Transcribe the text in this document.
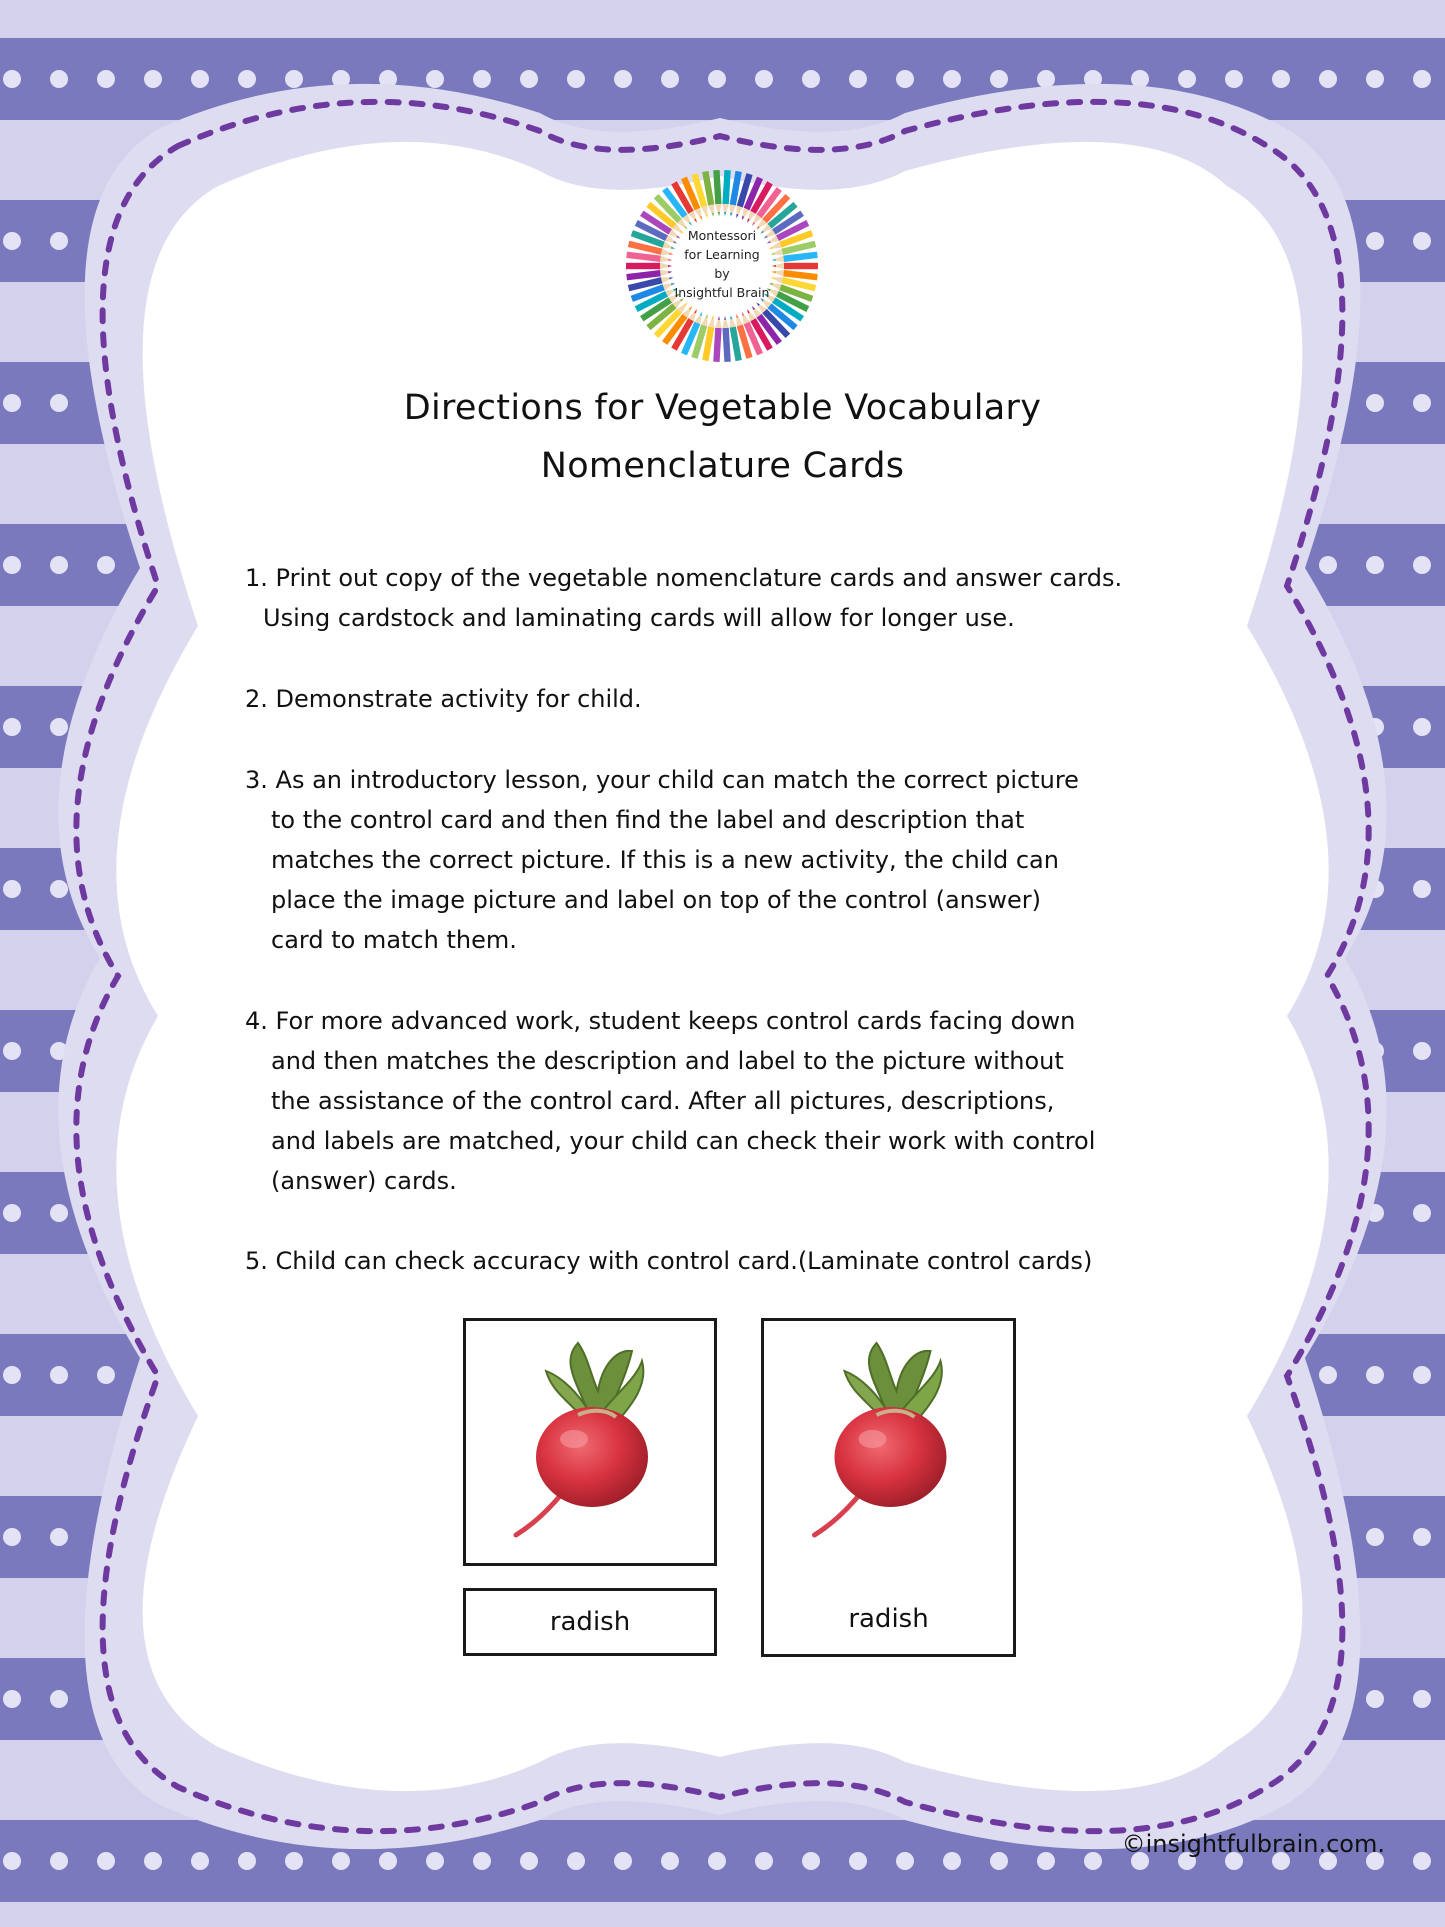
Montessori
for Learning
by
Insightful Brain
Directions for Vegetable Vocabulary
Nomenclature Cards
1. Print out copy of the vegetable nomenclature cards and answer cards.
Using cardstock and laminating cards will allow for longer use.
2. Demonstrate activity for child.
3. As an introductory lesson, your child can match the correct picture
to the control card and then find the label and description that
matches the correct picture. If this is a new activity, the child can
place the image picture and label on top of the control (answer)
card to match them.
4. For more advanced work, student keeps control cards facing down
and then matches the description and label to the picture without
the assistance of the control card. After all pictures, descriptions,
and labels are matched, your child can check their work with control
(answer) cards.
5. Child can check accuracy with control card.(Laminate control cards)
radish	radish
©insightfulbrain.com.
